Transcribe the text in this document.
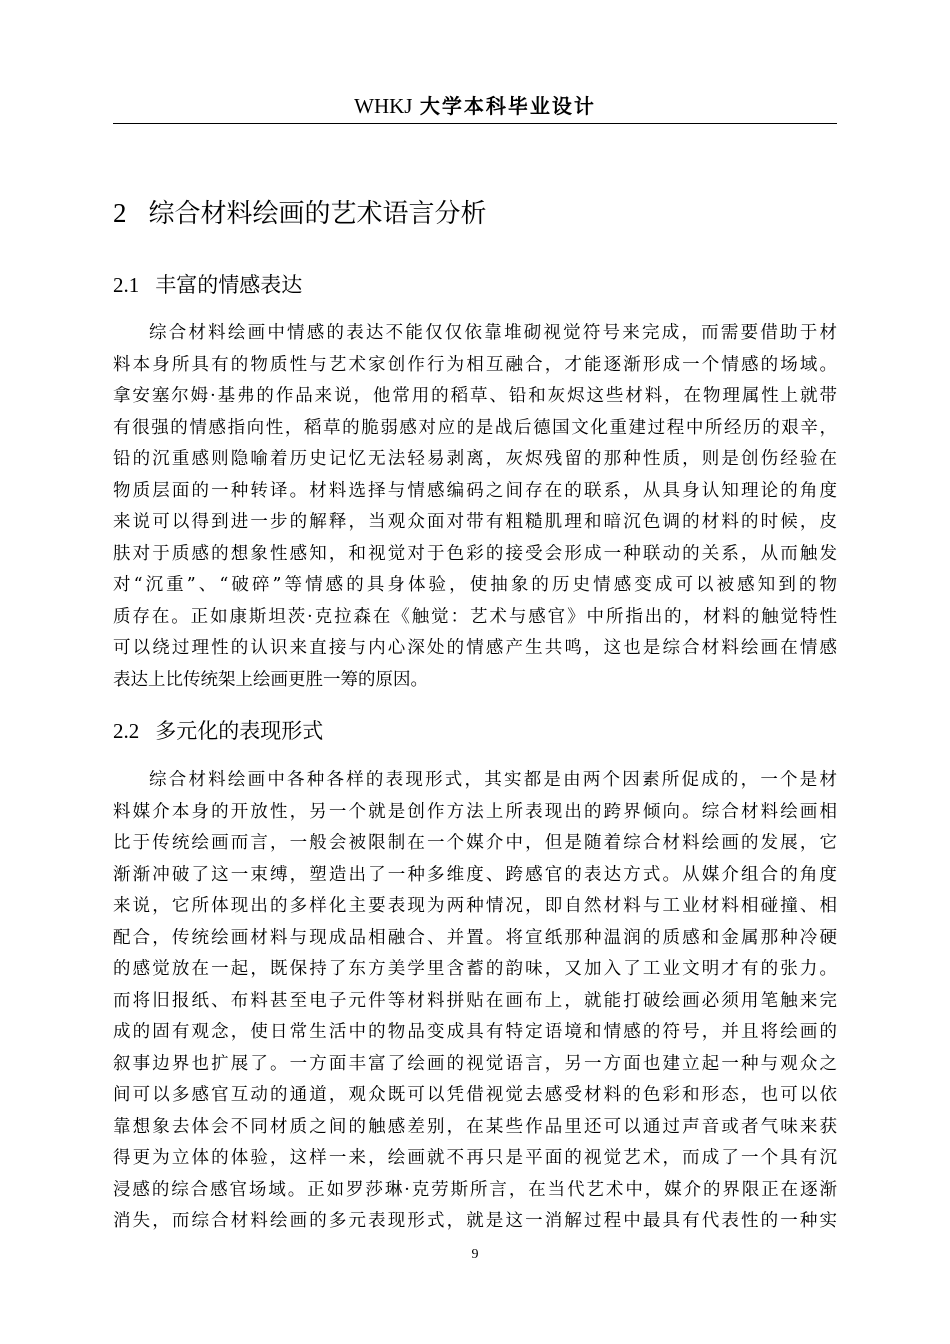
WHKJ 大学本科毕业设计
2 综合材料绘画的艺术语言分析
2.1 丰富的情感表达
综合材料绘画中情感的表达不能仅仅依靠堆砌视觉符号来完成，而需要借助于材
料本身所具有的物质性与艺术家创作行为相互融合，才能逐渐形成一个情感的场域。
拿安塞尔姆·基弗的作品来说，他常用的稻草、铅和灰烬这些材料，在物理属性上就带
有很强的情感指向性，稻草的脆弱感对应的是战后德国文化重建过程中所经历的艰辛，
铅的沉重感则隐喻着历史记忆无法轻易剥离，灰烬残留的那种性质，则是创伤经验在
物质层面的一种转译。材料选择与情感编码之间存在的联系，从具身认知理论的角度
来说可以得到进一步的解释，当观众面对带有粗糙肌理和暗沉色调的材料的时候，皮
肤对于质感的想象性感知，和视觉对于色彩的接受会形成一种联动的关系，从而触发
对“沉重”、“破碎”等情感的具身体验，使抽象的历史情感变成可以被感知到的物
质存在。正如康斯坦茨·克拉森在《触觉：艺术与感官》中所指出的，材料的触觉特性
可以绕过理性的认识来直接与内心深处的情感产生共鸣，这也是综合材料绘画在情感
表达上比传统架上绘画更胜一筹的原因。
2.2 多元化的表现形式
综合材料绘画中各种各样的表现形式，其实都是由两个因素所促成的，一个是材
料媒介本身的开放性，另一个就是创作方法上所表现出的跨界倾向。综合材料绘画相
比于传统绘画而言，一般会被限制在一个媒介中，但是随着综合材料绘画的发展，它
渐渐冲破了这一束缚，塑造出了一种多维度、跨感官的表达方式。从媒介组合的角度
来说，它所体现出的多样化主要表现为两种情况，即自然材料与工业材料相碰撞、相
配合，传统绘画材料与现成品相融合、并置。将宣纸那种温润的质感和金属那种冷硬
的感觉放在一起，既保持了东方美学里含蓄的韵味，又加入了工业文明才有的张力。
而将旧报纸、布料甚至电子元件等材料拼贴在画布上，就能打破绘画必须用笔触来完
成的固有观念，使日常生活中的物品变成具有特定语境和情感的符号，并且将绘画的
叙事边界也扩展了。一方面丰富了绘画的视觉语言，另一方面也建立起一种与观众之
间可以多感官互动的通道，观众既可以凭借视觉去感受材料的色彩和形态，也可以依
靠想象去体会不同材质之间的触感差别，在某些作品里还可以通过声音或者气味来获
得更为立体的体验，这样一来，绘画就不再只是平面的视觉艺术，而成了一个具有沉
浸感的综合感官场域。正如罗莎琳·克劳斯所言，在当代艺术中，媒介的界限正在逐渐
消失，而综合材料绘画的多元表现形式，就是这一消解过程中最具有代表性的一种实
9
